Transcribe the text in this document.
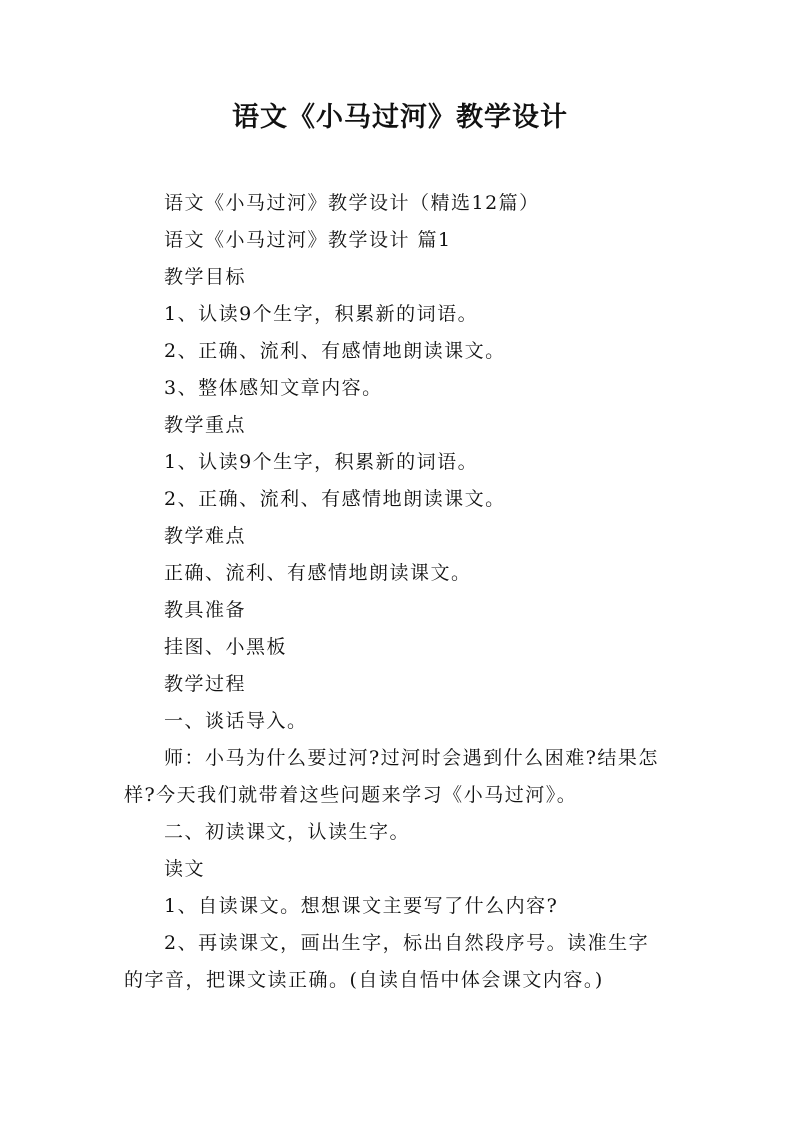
语文《小马过河》教学设计
语文《小马过河》教学设计（精选12篇）
语文《小马过河》教学设计 篇1
教学目标
1、认读9个生字，积累新的词语。
2、正确、流利、有感情地朗读课文。
3、整体感知文章内容。
教学重点
1、认读9个生字，积累新的词语。
2、正确、流利、有感情地朗读课文。
教学难点
正确、流利、有感情地朗读课文。
教具准备
挂图、小黑板
教学过程
一、谈话导入。
师：小马为什么要过河?过河时会遇到什么困难?结果怎
样?今天我们就带着这些问题来学习《小马过河》。
二、初读课文，认读生字。
读文
1、自读课文。想想课文主要写了什么内容?
2、再读课文，画出生字，标出自然段序号。读准生字
的字音，把课文读正确。(自读自悟中体会课文内容。)
